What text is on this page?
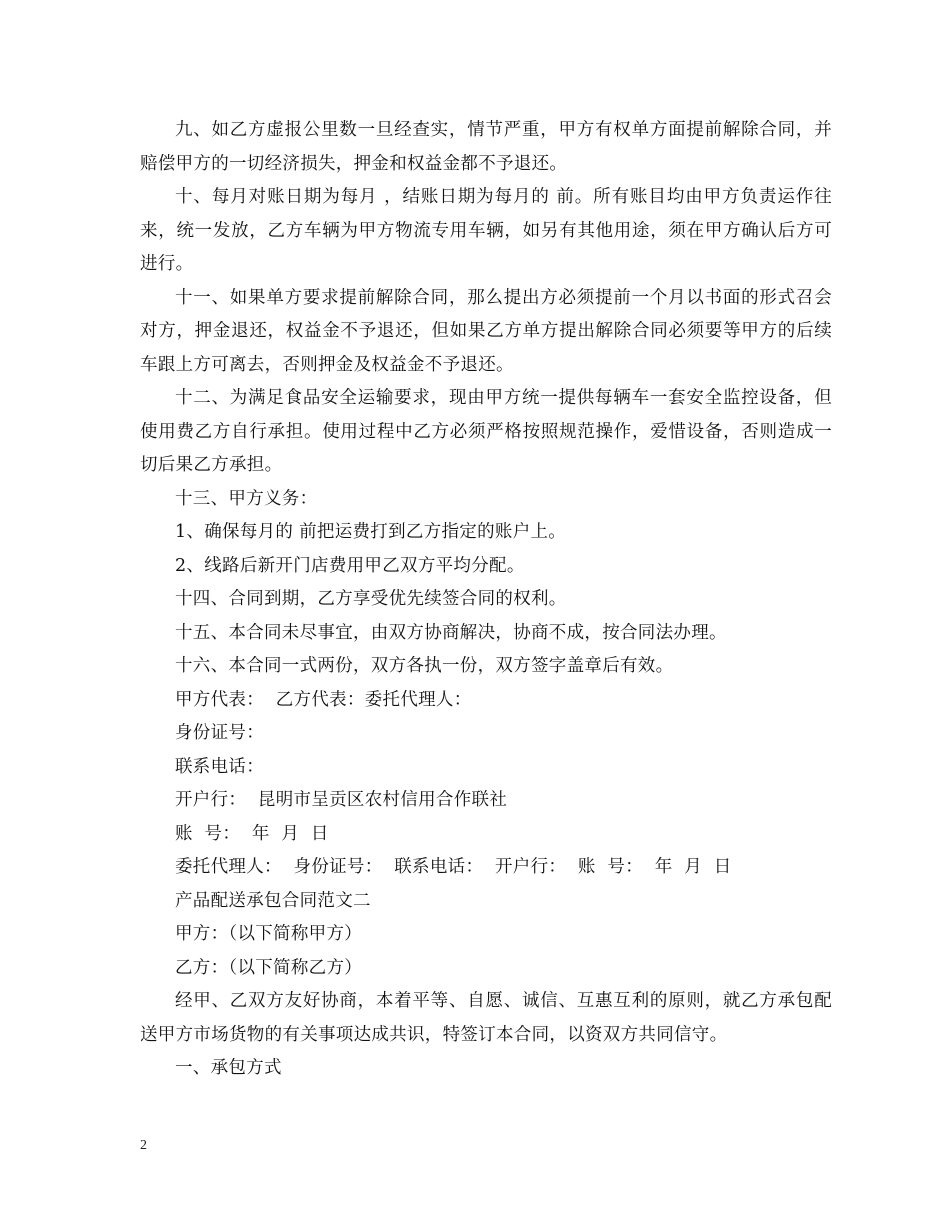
九、如乙方虚报公里数一旦经查实，情节严重，甲方有权单方面提前解除合同，并赔偿甲方的一切经济损失，押金和权益金都不予退还。

十、每月对账日期为每月 ，结账日期为每月的 前。所有账目均由甲方负责运作往来，统一发放，乙方车辆为甲方物流专用车辆，如另有其他用途，须在甲方确认后方可进行。

十一、如果单方要求提前解除合同，那么提出方必须提前一个月以书面的形式召会对方，押金退还，权益金不予退还，但如果乙方单方提出解除合同必须要等甲方的后续车跟上方可离去，否则押金及权益金不予退还。

十二、为满足食品安全运输要求，现由甲方统一提供每辆车一套安全监控设备，但使用费乙方自行承担。使用过程中乙方必须严格按照规范操作，爱惜设备，否则造成一切后果乙方承担。

十三、甲方义务：

1、确保每月的 前把运费打到乙方指定的账户上。

2、线路后新开门店费用甲乙双方平均分配。

十四、合同到期，乙方享受优先续签合同的权利。

十五、本合同未尽事宜，由双方协商解决，协商不成，按合同法办理。

十六、本合同一式两份，双方各执一份，双方签字盖章后有效。

甲方代表：  乙方代表：委托代理人：

身份证号：

联系电话：

开户行：  昆明市呈贡区农村信用合作联社

账  号：  年  月  日

委托代理人：  身份证号：  联系电话：  开户行：  账  号：  年  月  日

产品配送承包合同范文二

甲方：（以下简称甲方）

乙方：（以下简称乙方）

经甲、乙双方友好协商，本着平等、自愿、诚信、互惠互利的原则，就乙方承包配送甲方市场货物的有关事项达成共识，特签订本合同，以资双方共同信守。

一、承包方式

2
